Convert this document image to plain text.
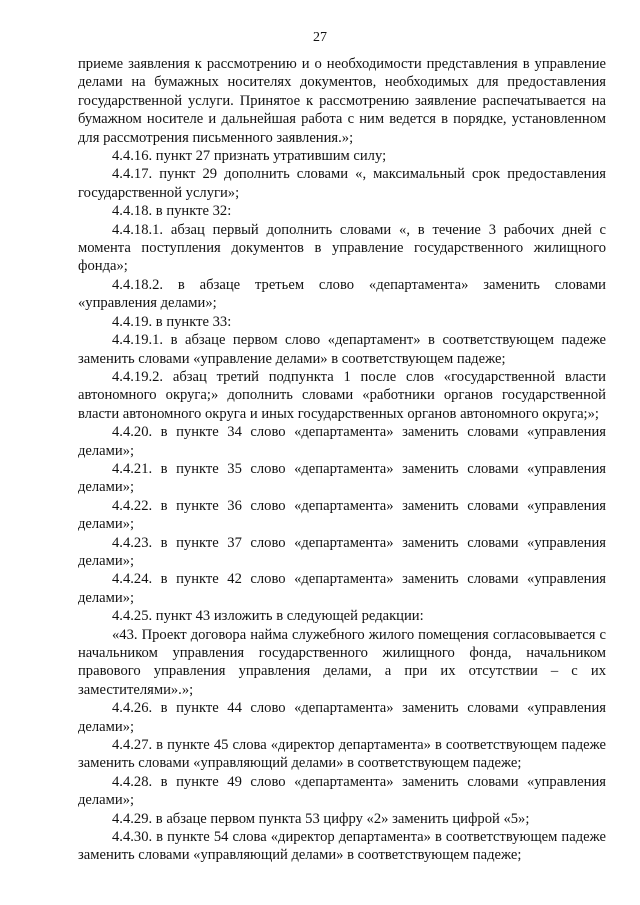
27

приеме заявления к рассмотрению и о необходимости представления в управление делами на бумажных носителях документов, необходимых для предоставления государственной услуги. Принятое к рассмотрению заявление распечатывается на бумажном носителе и дальнейшая работа с ним ведется в порядке, установленном для рассмотрения письменного заявления.»;

4.4.16. пункт 27 признать утратившим силу;

4.4.17. пункт 29 дополнить словами «, максимальный срок предоставления государственной услуги»;

4.4.18. в пункте 32:

4.4.18.1. абзац первый дополнить словами «, в течение 3 рабочих дней с момента поступления документов в управление государственного жилищного фонда»;

4.4.18.2. в абзаце третьем слово «департамента» заменить словами «управления делами»;

4.4.19. в пункте 33:

4.4.19.1. в абзаце первом слово «департамент» в соответствующем падеже заменить словами «управление делами» в соответствующем падеже;

4.4.19.2. абзац третий подпункта 1 после слов «государственной власти автономного округа;» дополнить словами «работники органов государственной власти автономного округа и иных государственных органов автономного округа;»;

4.4.20. в пункте 34 слово «департамента» заменить словами «управления делами»;

4.4.21. в пункте 35 слово «департамента» заменить словами «управления делами»;

4.4.22. в пункте 36 слово «департамента» заменить словами «управления делами»;

4.4.23. в пункте 37 слово «департамента» заменить словами «управления делами»;

4.4.24. в пункте 42 слово «департамента» заменить словами «управления делами»;

4.4.25. пункт 43 изложить в следующей редакции:

«43. Проект договора найма служебного жилого помещения согласовывается с начальником управления государственного жилищного фонда, начальником правового управления управления делами, а при их отсутствии – с их заместителями».»;

4.4.26. в пункте 44 слово «департамента» заменить словами «управления делами»;

4.4.27. в пункте 45 слова «директор департамента» в соответствующем падеже заменить словами «управляющий делами» в соответствующем падеже;

4.4.28. в пункте 49 слово «департамента» заменить словами «управления делами»;

4.4.29. в абзаце первом пункта 53 цифру «2» заменить цифрой «5»;

4.4.30. в пункте 54 слова «директор департамента» в соответствующем падеже заменить словами «управляющий делами» в соответствующем падеже;
